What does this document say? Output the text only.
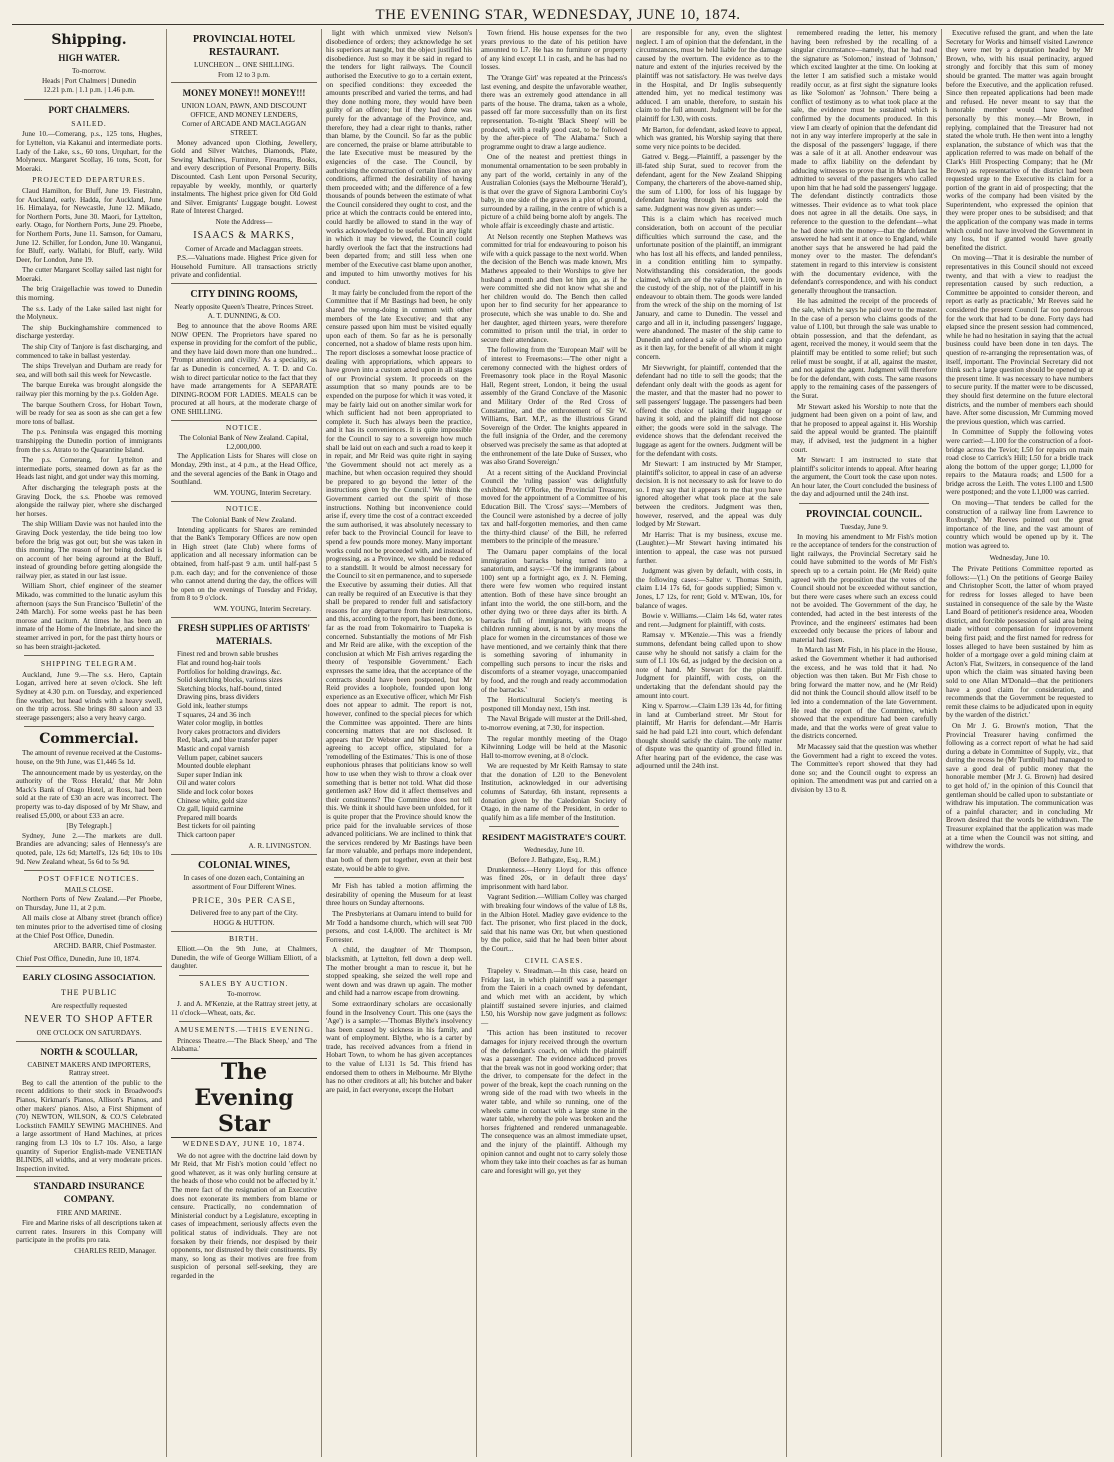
THE EVENING STAR, WEDNESDAY, JUNE 10, 1874.
Shipping.
HIGH WATER.
To-morrow.
Heads | Port Chalmers | Dunedin
12.21 p.m. | 1.1 p.m. | 1.46 p.m.
PORT CHALMERS.
SAILED.

June 10.—Comerang, p.s., 125 tons, Hughes, for Lyttelton, via Kakanui and intermediate ports. Lady of the Lake, s.s., 60 tons, Urquhart, for the Molyneux. Margaret Scollay, 16 tons, Scott, for Moeraki.

PROJECTED DEPARTURES.

Claud Hamilton, for Bluff, June 19. Fiestrahn, for Auckland, early. Hadda, for Auckland, June 16. Himalaya, for Newcastle, June 12. Mikado, for Northern Ports, June 30. Maori, for Lyttelton, early. Otago, for Northern Ports, June 29. Phoebe, for Northern Ports, June 11. Samson, for Oamaru, June 12. Schiller, for London, June 10. Wanganui, for Bluff, early. Wallabi, for Bluff, early. Wild Deer, for London, June 19.

The cutter Margaret Scollay sailed last night for Moeraki.

The brig Craigellachie was towed to Dunedin this morning.

The s.s. Lady of the Lake sailed last night for the Molyneux.

The ship Buckinghamshire commenced to discharge yesterday.

The ship City of Tanjore is fast discharging, and commenced to take in ballast yesterday.

The ships Trevelyan and Durham are ready for sea, and will both sail this week for Newcastle.

The barque Eureka was brought alongside the railway pier this morning by the p.s. Golden Age.

The barque Southern Cross, for Hobart Town, will be ready for sea as soon as she can get a few more tons of ballast.

The p.s. Peninsula was engaged this morning transhipping the Dunedin portion of immigrants from the s.s. Atrato to the Quarantine Island.

The p.s. Comerang, for Lyttelton and intermediate ports, steamed down as far as the Heads last night, and got under way this morning.

After discharging the telegraph posts at the Graving Dock, the s.s. Phoebe was removed alongside the railway pier, where she discharged her horses.

The ship William Davie was not hauled into the Graving Dock yesterday, the tide being too low before the brig was got out; but she was taken in this morning. The reason of her being docked is on account of her being aground at the Bluff, instead of grounding before getting alongside the railway pier, as stated in our last issue.

William Short, chief engineer of the steamer Mikado, was committed to the lunatic asylum this afternoon (says the Sun Francisco 'Bulletin' of the 24th March). For some weeks past he has been morose and taciturn. At times he has been an inmate of the Home of the Inebriate, and since the steamer arrived in port, for the past thirty hours or so has been straight-jacketed.

SHIPPING TELEGRAM.

Auckland, June 9.—The s.s. Hero, Captain Logan, arrived here at seven o'clock. She left Sydney at 4.30 p.m. on Tuesday, and experienced fine weather, but head winds with a heavy swell, on the trip across. She brings 80 saloon and 33 steerage passengers; also a very heavy cargo.

Commercial.

The amount of revenue received at the Customs-house, on the 9th June, was £1,446 5s 1d.

The announcement made by us yesterday, on the authority of the 'Ross Herald,' that Mr John Mack's Bank of Otago Hotel, at Ross, had been sold at the rate of £30 an acre was incorrect. The property was to-day disposed of by Mr Shaw, and realised £5,000, or about £33 an acre.

[By Telegraph.]

Sydney, June 2.—The markets are dull. Brandies are advancing; sales of Hennessy's are quoted, pale, 12s 6d; Martell's, 12s 6d; 10s to 10s 9d. New Zealand wheat, 5s 6d to 5s 9d.

POST OFFICE NOTICES.
MAILS CLOSE.

Northern Ports of New Zealand.—Per Phoebe, on Thursday, June 11, at 2 p.m.

All mails close at Albany street (branch office) ten minutes prior to the advertised time of closing at the Chief Post Office, Dunedin.

ARCHD. BARR, Chief Postmaster.
Chief Post Office, Dunedin, June 10, 1874.
EARLY CLOSING ASSOCIATION.
THE PUBLIC
Are respectfully requested
NEVER TO SHOP AFTER
ONE O'CLOCK ON SATURDAYS.
NORTH & SCOULLAR,
CABINET MAKERS AND IMPORTERS, Rattray street.

Beg to call the attention of the public to the recent additions to their stock in Broadwood's Pianos, Kirkman's Pianos, Allison's Pianos, and other makers' pianos. Also, a First Shipment of (70) NEWTON, WILSON, & CO.'S Celebrated Lockstitch FAMILY SEWING MACHINES. And a large assortment of Hand Machines, at prices ranging from L3 10s to L7 10s. Also, a large quantity of Superior English-made VENETIAN BLINDS, all widths, and at very moderate prices. Inspection invited.

STANDARD INSURANCE COMPANY.
FIRE AND MARINE.

Fire and Marine risks of all descriptions taken at current rates. Insurers in this Company will participate in the profits pro rata.

CHARLES REID, Manager.
PROVINCIAL HOTEL RESTAURANT.
LUNCHEON ... ONE SHILLING.
From 12 to 3 p.m.
MONEY MONEY!! MONEY!!!
UNION LOAN, PAWN, AND DISCOUNT OFFICE, AND MONEY LENDERS,
Corner of ARCADE AND MACLAGGAN STREET.

Money advanced upon Clothing, Jewellery, Gold and Silver Watches, Diamonds, Plate, Sewing Machines, Furniture, Firearms, Books, and every description of Personal Property. Bills Discounted. Cash Lent upon Personal Security, repayable by weekly, monthly, or quarterly instalments. The highest price given for Old Gold and Silver. Emigrants' Luggage bought. Lowest Rate of Interest Charged.

Note the Address—
ISAACS & MARKS,
Corner of Arcade and Maclaggan streets.

P.S.—Valuations made. Highest Price given for Household Furniture. All transactions strictly private and confidential.

CITY DINING ROOMS,
Nearly opposite Queen's Theatre, Princes Street.
A. T. DUNNING, & CO.

Beg to announce that the above Rooms ARE NOW OPEN. The Proprietors have spared no expense in providing for the comfort of the public, and they have laid down more than one hundred... 'Prompt attention and civility.' As a speciality, as far as Dunedin is concerned, A. T. D. and Co. wish to direct particular notice to the fact that they have made arrangements for A SEPARATE DINING-ROOM FOR LADIES. MEALS can be procured at all hours, at the moderate charge of ONE SHILLING.

NOTICE.
The Colonial Bank of New Zealand. Capital, L2,000,000.

The Application Lists for Shares will close on Monday, 29th inst., at 4 p.m., at the Head Office, and the several agencies of the Bank in Otago and Southland.

WM. YOUNG, Interim Secretary.
NOTICE.
The Colonial Bank of New Zealand.

Intending applicants for Shares are reminded that the Bank's Temporary Offices are now open in High street (late Club) where forms of application and all necessary information can be obtained, from half-past 9 a.m. until half-past 5 p.m. each day; and for the convenience of those who cannot attend during the day, the offices will be open on the evenings of Tuesday and Friday, from 8 to 9 o'clock.

WM. YOUNG, Interim Secretary.
FRESH SUPPLIES OF ARTISTS' MATERIALS.
Finest red and brown sable brushes
Flat and round hog-hair tools
Portfolios for holding drawings, &c.
Solid sketching blocks, various sizes
Sketching blocks, half-bound, tinted
Drawing pins, brass dividers
Gold ink, leather stumps
T squares, 24 and 36 inch
Water color moglip, in bottles
Ivory cakes protractors and dividers
Red, black, and blue transfer paper
Mastic and copal varnish
Vellum paper, cabinet saucers
Mounted double elephant
Super super Indian ink
Oil and water colors
Slide and lock color boxes
Chinese white, gold size
Oz gall, liquid carmine
Prepared mill boards
Best tickets for oil painting
Thick cartoon paper
A. R. LIVINGSTON.
COLONIAL WINES,
In cases of one dozen each, Containing an assortment of Four Different Wines.
PRICE, 30s PER CASE,
Delivered free to any part of the City.
HOGG & HUTTON.
BIRTH.

Elliott.—On the 9th June, at Chalmers, Dunedin, the wife of George William Elliott, of a daughter.

SALES BY AUCTION.
To-morrow.

J. and A. M'Kenzie, at the Rattray street jetty, at 11 o'clock—Wheat, oats, &c.

AMUSEMENTS.—THIS EVENING.

Princess Theatre.—'The Black Sheep,' and 'The Alabama.'

The Evening Star
WEDNESDAY, JUNE 10, 1874.

We do not agree with the doctrine laid down by Mr Reid, that Mr Fish's motion could 'effect no good whatever, as it was only hurling censure at the heads of those who could not be affected by it.' The mere fact of the resignation of an Executive does not exonerate its members from blame or censure. Practically, no condemnation of Ministerial conduct by a Legislature, excepting in cases of impeachment, seriously affects even the political status of individuals. They are not forsaken by their friends, nor despised by their opponents, nor distrusted by their constituents. By many, so long as their motives are free from suspicion of personal self-seeking, they are regarded in the

light with which unmixed view Nelson's disobedience of orders; they acknowledge he set his superiors at naught, but the object justified his disobedience. Just so may it be said in regard to the tenders for light railways. The Council authorised the Executive to go to a certain extent, on specified conditions: they exceeded the amounts prescribed and varied the terms, and had they done nothing more, they would have been guilty of an offence; but if they had done was purely for the advantage of the Province, and, therefore, they had a clear right to thanks, rather than blame, by the Council. So far as the public are concerned, the praise or blame attributable to the late Executive must be measured by the exigencies of the case. The Council, by authorising the construction of certain lines on any conditions, affirmed the desirability of having them proceeded with; and the difference of a few thousands of pounds between the estimate of what the Council considered they ought to cost, and the price at which the contracts could be entered into, could hardly be allowed to stand in the way of works acknowledged to be useful. But in any light in which it may be viewed, the Council could hardly overlook the fact that the instructions had been departed from; and still less when one member of the Executive cast blame upon another, and imputed to him unworthy motives for his conduct.

It may fairly be concluded from the report of the Committee that if Mr Bastings had been, he only shared the wrong-doing in common with other members of the late Executive; and that any censure passed upon him must be visited equally upon each of them. So far as he is personally concerned, not a shadow of blame rests upon him. The report discloses a somewhat loose practice of dealing with appropriations, which appears to have grown into a custom acted upon in all stages of our Provincial system. It proceeds on the assumption that so many pounds are to be expended on the purpose for which it was voted, it may be fairly laid out on another similar work for which sufficient had not been appropriated to complete it. Such has always been the practice, and it has its conveniences. It is quite impossible for the Council to say to a sovereign how much shall be laid out on each and such a road to keep it in repair, and Mr Reid was quite right in saying 'the Government should not act merely as a machine, but when occasion required they should be prepared to go beyond the letter of the instructions given by the Council.' We think the Government carried out the spirit of those instructions. Nothing but inconvenience could arise if, every time the cost of a contract exceeded the sum authorised, it was absolutely necessary to refer back to the Provincial Council for leave to spend a few pounds more money. Many important works could not be proceeded with, and instead of progressing, as a Province, we should be reduced to a standstill. It would be almost necessary for the Council to sit en permanence, and to supersede the Executive by assuming their duties. All that can really be required of an Executive is that they shall be prepared to render full and satisfactory reasons for any departure from their instructions, and this, according to the report, has been done, so far as the road from Tokomairiro to Tuapeka is concerned. Substantially the motions of Mr Fish and Mr Reid are alike, with the exception of the conclusion at which Mr Fish arrives regarding the theory of 'responsible Government.' Each expresses the same idea, that the acceptance of the contracts should have been postponed, but Mr Reid provides a loophole, founded upon long experience as an Executive officer, which Mr Fish does not appear to admit. The report is not, however, confined to the special pieces for which the Committee was appointed. There are hints concerning matters that are not disclosed. It appears that Dr Webster and Mr Shand, before agreeing to accept office, stipulated for a 'remodelling of the Estimates.' This is one of those euphonious phrases that politicians know so well how to use when they wish to throw a cloak over something that is better not told. What did those gentlemen ask? How did it affect themselves and their constituents? The Committee does not tell this. We think it should have been unfolded, for it is quite proper that the Province should know the price paid for the invaluable services of those advanced politicians. We are inclined to think that the services rendered by Mr Bastings have been far more valuable, and perhaps more independent, than both of them put together, even at their best estate, would be able to give.

Mr Fish has tabled a motion affirming the desirability of opening the Museum for at least three hours on Sunday afternoons.

The Presbyterians at Oamaru intend to build for Mr Todd a handsome church, which will seat 700 persons, and cost L4,000. The architect is Mr Forrester.

A child, the daughter of Mr Thompson, blacksmith, at Lyttelton, fell down a deep well. The mother brought a man to rescue it, but he stopped speaking, she seized the well rope and went down and was drawn up again. The mother and child had a narrow escape from drowning.

Some extraordinary scholars are occasionally found in the Insolvency Court. This one (says the 'Age') is a sample:—'Thomas Blythe's insolvency has been caused by sickness in his family, and want of employment. Blythe, who is a carter by trade, has received advances from a friend in Hobart Town, to whom he has given acceptances to the value of L131 1s 5d. This friend has endorsed them to others in Melbourne. Mr Blythe has no other creditors at all; his butcher and baker are paid, in fact everyone, except the Hobart

Town friend. His house expenses for the two years previous to the date of his petition have amounted to L7. He has no furniture or property of any kind except L1 in cash, and he has had no losses.

The 'Orange Girl' was repeated at the Princess's last evening, and despite the unfavorable weather, there was an extremely good attendance in all parts of the house. The drama, taken as a whole, passed off far more successfully than on its first representation. To-night 'Black Sheep' will be produced, with a really good cast, to be followed by the after-piece of 'The Alabama.' Such a programme ought to draw a large audience.

One of the neatest and prettiest things in monumental ornamentation to be seen probably in any part of the world, certainly in any of the Australian Colonies (says the Melbourne 'Herald'), is that over the grave of Signora Lamborini Coy's baby, in one side of the graves in a plot of ground, surrounded by a railing, in the centre of which is a picture of a child being borne aloft by angels. The whole affair is exceedingly chaste and artistic.

At Nelson recently one Stephen Mathews was committed for trial for endeavouring to poison his wife with a quick passage to the next world. When the decision of the Bench was made known, Mrs Mathews appealed to their Worships to give her husband a month and then let him go, as if he were committed she did not know what she and her children would do. The Bench then called upon her to find security for her appearance to prosecute, which she was unable to do. She and her daughter, aged thirteen years, were therefore committed to prison until the trial, in order to secure their attendance.

The following from the 'European Mail' will be of interest to Freemasons:—'The other night a ceremony connected with the highest orders of Freemasonry took place in the Royal Masonic Hall, Regent street, London, it being the usual assembly of the Grand Conclave of the Masonic and Military Order of the Red Cross of Constantine, and the enthronement of Sir W. Williams, Bart. M.P., as the illustrious Grand Sovereign of the Order. The knights appeared in the full insignia of the Order, and the ceremony observed was precisely the same as that adopted at the enthronement of the late Duke of Sussex, who was also Grand Sovereign.'

At a recent sitting of the Auckland Provincial Council the 'ruling passion' was delightfully exhibited. Mr O'Rorke, the Provincial Treasurer, moved for the appointment of a Committee of his Education Bill. The 'Cross' says:—'Members of the Council were astonished by a decree of jolly tax and half-forgotten memories, and then came the thirty-third clause' of the Bill, he referred members to the principle of the measure.'

The Oamaru paper complains of the local immigration barracks being turned into a sanatorium, and says:—'Of the immigrants (about 100) sent up a fortnight ago, ex J. N. Fleming, there were few women who required instant attention. Both of these have since brought an infant into the world, the one still-born, and the other dying two or three days after its birth. A barracks full of immigrants, with troops of children running about, is not by any means the place for women in the circumstances of those we have mentioned, and we certainly think that there is something savoring of inhumanity in compelling such persons to incur the risks and discomforts of a steamer voyage, unaccompanied by food, and the rough and ready accommodation of the barracks.'

The Horticultural Society's meeting is postponed till Monday next, 15th inst.

The Naval Brigade will muster at the Drill-shed, to-morrow evening, at 7.30, for inspection.

The regular monthly meeting of the Otago Kilwinning Lodge will be held at the Masonic Hall to-morrow evening, at 8 o'clock.

We are requested by Mr Keith Ramsay to state that the donation of L20 to the Benevolent Institution, acknowledged in our advertising columns of Saturday, 6th instant, represents a donation given by the Caledonian Society of Otago, in the name of the President, in order to qualify him as a life member of the Institution.

RESIDENT MAGISTRATE'S COURT.
Wednesday, June 10.
(Before J. Bathgate, Esq., R.M.)

Drunkenness.—Henry Lloyd for this offence was fined 20s, or in default three days' imprisonment with hard labor.

Vagrant Sedition.—William Colley was charged with breaking four windows of the value of L8 8s, in the Albion Hotel. Madley gave evidence to the fact. The prisoner, who first placed in the dock, said that his name was Orr, but when questioned by the police, said that he had been bitter about the Court...

CIVIL CASES.

Trapeley v. Steadman.—In this case, heard on Friday last, in which plaintiff was a passenger from the Taieri in a coach owned by defendant, and which met with an accident, by which plaintiff sustained severe injuries, and claimed L50, his Worship now gave judgment as follows:—

'This action has been instituted to recover damages for injury received through the overturn of the defendant's coach, on which the plaintiff was a passenger. The evidence adduced proves that the break was not in good working order; that the driver, to compensate for the defect in the power of the break, kept the coach running on the wrong side of the road with two wheels in the water table, and while so running, one of the wheels came in contact with a large stone in the water table, whereby the pole was broken and the horses frightened and rendered unmanageable. The consequence was an almost immediate upset, and the injury of the plaintiff. Although my opinion cannot and ought not to carry solely those whom they take into their coaches as far as human care and foresight will go, yet they

are responsible for any, even the slightest neglect. I am of opinion that the defendant, in the circumstances, must be held liable for the damage caused by the overturn. The evidence as to the nature and extent of the injuries received by the plaintiff was not satisfactory. He was twelve days in the Hospital, and Dr Inglis subsequently attended him, yet no medical testimony was adduced. I am unable, therefore, to sustain his claim to the full amount. Judgment will be for the plaintiff for L30, with costs.

Mr Barton, for defendant, asked leave to appeal, which was granted, his Worship saying that there some very nice points to be decided.

Gatred v. Begg.—Plaintiff, a passenger by the ill-fated ship Surat, sued to recover from the defendant, agent for the New Zealand Shipping Company, the charterers of the above-named ship, the sum of L100, for loss of his luggage by defendant having through his agents sold the same. Judgment was now given as under:—

This is a claim which has received much consideration, both on account of the peculiar difficulties which surround the case, and the unfortunate position of the plaintiff, an immigrant who has lost all his effects, and landed penniless, in a condition entitling him to sympathy. Notwithstanding this consideration, the goods claimed, which are of the value of L100, were in the custody of the ship, not of the plaintiff in his endeavour to obtain them. The goods were landed from the wreck of the ship on the morning of 1st January, and came to Dunedin. The vessel and cargo and all in it, including passengers' luggage, were abandoned. The master of the ship came to Dunedin and ordered a sale of the ship and cargo as it then lay, for the benefit of all whom it might concern.

Mr Sievwright, for plaintiff, contended that the defendant had no title to sell the goods; that the defendant only dealt with the goods as agent for the master, and that the master had no power to sell passengers' luggage. The passengers had been offered the choice of taking their luggage or having it sold, and the plaintiff did not choose either; the goods were sold in the salvage. The evidence shows that the defendant received the luggage as agent for the owners. Judgment will be for the defendant with costs.

Mr Stewart: I am instructed by Mr Stamper, plaintiff's solicitor, to appeal in case of an adverse decision. It is not necessary to ask for leave to do so. I may say that it appears to me that you have ignored altogether what took place at the sale between the creditors. Judgment was then, however, reserved, and the appeal was duly lodged by Mr Stewart.

Mr Harris: That is my business, excuse me. (Laughter.)—Mr Stewart having intimated his intention to appeal, the case was not pursued further.

Judgment was given by default, with costs, in the following cases:—Salter v. Thomas Smith, claim L14 17s 6d, for goods supplied; Simon v. Jones, L7 12s, for rent; Gold v. M'Ewan, 10s, for balance of wages.

Bowie v. Williams.—Claim 14s 6d, water rates and rent.—Judgment for plaintiff, with costs.

Ramsay v. M'Kenzie.—This was a friendly summons, defendant being called upon to show cause why he should not satisfy a claim for the sum of L1 10s 6d, as judged by the decision on a note of hand. Mr Stewart for the plaintiff. Judgment for plaintiff, with costs, on the undertaking that the defendant should pay the amount into court.

King v. Sparrow.—Claim L39 13s 4d, for fitting in land at Cumberland street. Mr Stout for plaintiff, Mr Harris for defendant.—Mr Harris said he had paid L21 into court, which defendant thought should satisfy the claim. The only matter of dispute was the quantity of ground filled in. After hearing part of the evidence, the case was adjourned until the 24th inst.

remembered reading the letter, his memory having been refreshed by the recalling of a singular circumstance—namely, that he had read the signature as 'Solomon,' instead of 'Johnson,' which excited laughter at the time. On looking at the letter I am satisfied such a mistake would readily occur, as at first sight the signature looks as like 'Solomon' as 'Johnson.' There being a conflict of testimony as to what took place at the sale, the evidence must be sustained which is confirmed by the documents produced. In this view I am clearly of opinion that the defendant did not in any way interfere improperly at the sale in the disposal of the passengers' luggage, if there was a sale of it at all. Another endeavour was made to affix liability on the defendant by adducing witnesses to prove that in March last he admitted to several of the passengers who called upon him that he had sold the passengers' luggage. The defendant distinctly contradicts those witnesses. Their evidence as to what took place does not agree in all the details. One says, in reference to the question to the defendant—what he had done with the money—that the defendant answered he had sent it at once to England, while another says that he answered he had paid the money over to the master. The defendant's statement in regard to this interview is consistent with the documentary evidence, with the defendant's correspondence, and with his conduct generally throughout the transaction.

He has admitted the receipt of the proceeds of the sale, which he says he paid over to the master. In the case of a person who claims goods of the value of L100, but through the sale was unable to obtain possession, and that the defendant, as agent, received the money, it would seem that the plaintiff may be entitled to some relief; but such relief must be sought, if at all, against the master, and not against the agent. Judgment will therefore be for the defendant, with costs. The same reasons apply to the remaining cases of the passengers of the Surat.

Mr Stewart asked his Worship to note that the judgment had been given on a point of law, and that he proposed to appeal against it. His Worship said the appeal would be granted. The plaintiff may, if advised, test the judgment in a higher court.

Mr Stewart: I am instructed to state that plaintiff's solicitor intends to appeal. After hearing the argument, the Court took the case upon notes. An hour later, the Court concluded the business of the day and adjourned until the 24th inst.

PROVINCIAL COUNCIL.
Tuesday, June 9.

In moving his amendment to Mr Fish's motion re the acceptance of tenders for the construction of light railways, the Provincial Secretary said he could have submitted to the words of Mr Fish's speech up to a certain point. He (Mr Reid) quite agreed with the proposition that the votes of the Council should not be exceeded without sanction, but there were cases where such an excess could not be avoided. The Government of the day, he contended, had acted in the best interests of the Province, and the engineers' estimates had been exceeded only because the prices of labour and material had risen.

In March last Mr Fish, in his place in the House, asked the Government whether it had authorised the excess, and he was told that it had. No objection was then taken. But Mr Fish chose to bring forward the matter now, and he (Mr Reid) did not think the Council should allow itself to be led into a condemnation of the late Government. He read the report of the Committee, which showed that the expenditure had been carefully made, and that the works were of great value to the districts concerned.

Mr Macassey said that the question was whether the Government had a right to exceed the votes. The Committee's report showed that they had done so; and the Council ought to express an opinion. The amendment was put and carried on a division by 13 to 8.

Executive refused the grant, and when the late Secretary for Works and himself visited Lawrence they were met by a deputation headed by Mr Brown, who, with his usual pertinacity, argued strongly and forcibly that this sum of money should be granted. The matter was again brought before the Executive, and the application refused. Since then repeated applications had been made and refused. He never meant to say that the honorable member would have benefited personally by this money.—Mr Brown, in replying, complained that the Treasurer had not stated the whole truth. He then went into a lengthy explanation, the substance of which was that the application referred to was made on behalf of the Clark's Hill Prospecting Company; that he (Mr Brown) as representative of the district had been requested urge to the Executive its claim for a portion of the grant in aid of prospecting; that the works of the company had been visited by the Superintendent, who expressed the opinion that they were proper ones to be subsidised; and that the application of the company was made in terms which could not have involved the Government in any loss, but if granted would have greatly benefited the district.

On moving—'That it is desirable the number of representatives in this Council should not exceed twenty, and that with a view to readjust the representation caused by such reduction, a Committee be appointed to consider thereon, and report as early as practicable,' Mr Reeves said he considered the present Council far too ponderous for the work that had to be done. Forty days had elapsed since the present session had commenced, while he had no hesitation in saying that the actual business could have been done in ten days. The question of re-arranging the representation was, of itself, important. The Provincial Secretary did not think such a large question should be opened up at the present time. It was necessary to have numbers to secure purity. If the matter were to be discussed, they should first determine on the future electoral districts, and the number of members each should have. After some discussion, Mr Cumming moved the previous question, which was carried.

In Committee of Supply the following votes were carried:—L100 for the construction of a foot-bridge across the Teviot; L50 for repairs on main road close to Carrick's Hill; L50 for a bridle track along the bottom of the upper gorge; L1,000 for repairs to the Mataura roads; and L500 for a bridge across the Leith. The votes L100 and L500 were postponed; and the vote L1,000 was carried.

On moving—'That tenders be called for the construction of a railway line from Lawrence to Roxburgh,' Mr Reeves pointed out the great importance of the line, and the vast amount of country which would be opened up by it. The motion was agreed to.

Wednesday, June 10.

The Private Petitions Committee reported as follows:—'(1.) On the petitions of George Bailey and Christopher Scott, the latter of whom prayed for redress for losses alleged to have been sustained in consequence of the sale by the Waste Land Board of petitioner's residence area, Wooden district, and forcible possession of said area being made without compensation for improvement being first paid; and the first named for redress for losses alleged to have been sustained by him as holder of a mortgage over a gold mining claim at Acton's Flat, Switzers, in consequence of the land upon which the claim was situated having been sold to one Allan M'Donald—that the petitioners have a good claim for consideration, and recommends that the Government be requested to remit these claims to be adjudicated upon in equity by the warden of the district.'

On Mr J. G. Brown's motion, 'That the Provincial Treasurer having confirmed the following as a correct report of what he had said during a debate in Committee of Supply, viz., that during the recess he (Mr Turnbull) had managed to save a good deal of public money that the honorable member (Mr J. G. Brown) had desired to get hold of,' in the opinion of this Council that gentleman should be called upon to substantiate or withdraw his imputation. The communication was of a painful character; and in concluding Mr Brown desired that the words be withdrawn. The Treasurer explained that the application was made at a time when the Council was not sitting, and withdrew the words.
